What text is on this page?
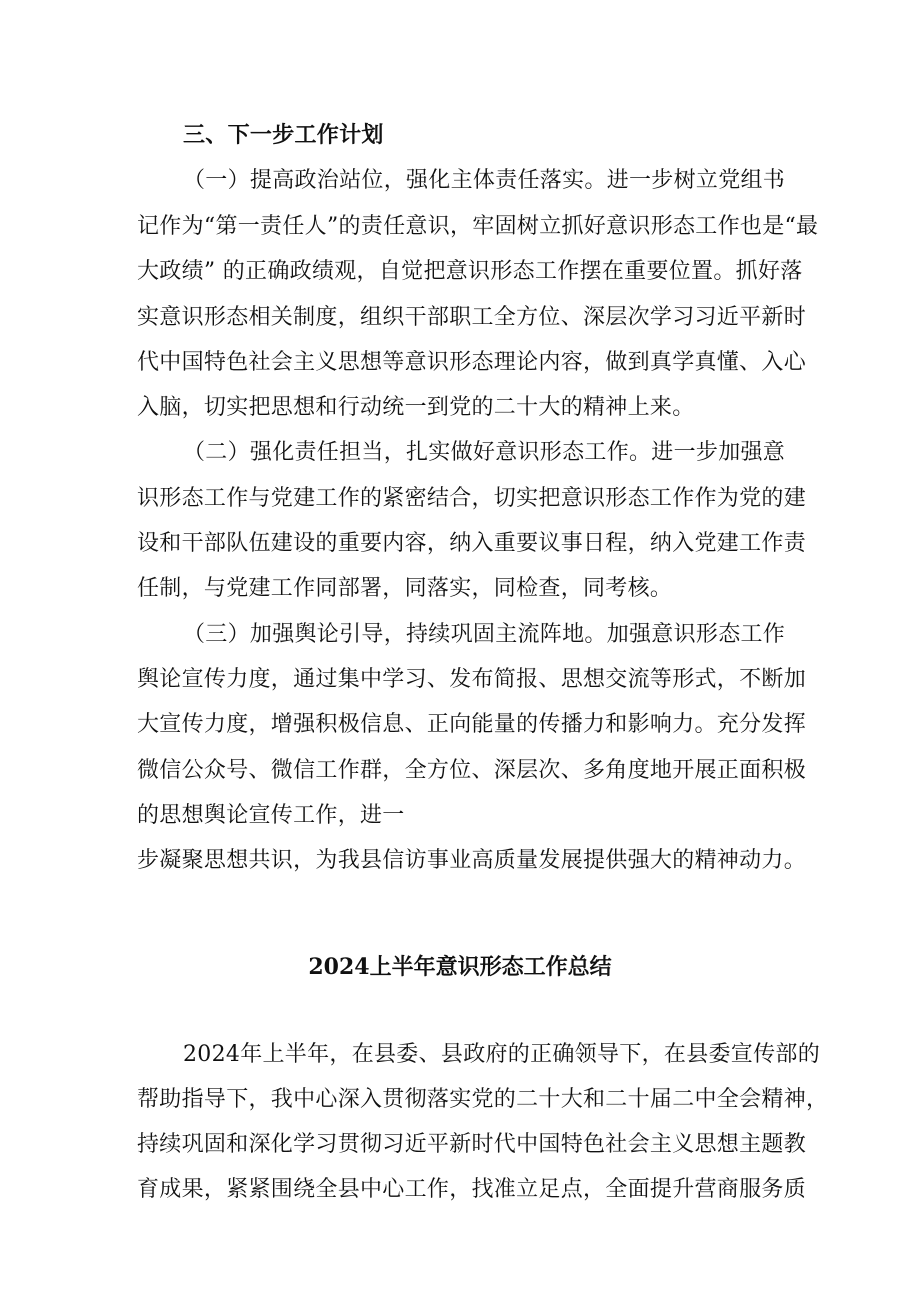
三、下一步工作计划
（一）提高政治站位，强化主体责任落实。进一步树立党组书
记作为“第一责任人”的责任意识，牢固树立抓好意识形态工作也是“最
大政绩” 的正确政绩观，自觉把意识形态工作摆在重要位置。抓好落
实意识形态相关制度，组织干部职工全方位、深层次学习习近平新时
代中国特色社会主义思想等意识形态理论内容，做到真学真懂、入心
入脑，切实把思想和行动统一到党的二十大的精神上来。
（二）强化责任担当，扎实做好意识形态工作。进一步加强意
识形态工作与党建工作的紧密结合，切实把意识形态工作作为党的建
设和干部队伍建设的重要内容，纳入重要议事日程，纳入党建工作责
任制，与党建工作同部署，同落实，同检查，同考核。
（三）加强舆论引导，持续巩固主流阵地。加强意识形态工作
舆论宣传力度，通过集中学习、发布简报、思想交流等形式，不断加
大宣传力度，增强积极信息、正向能量的传播力和影响力。充分发挥
微信公众号、微信工作群，全方位、深层次、多角度地开展正面积极
的思想舆论宣传工作，进一
步凝聚思想共识，为我县信访事业高质量发展提供强大的精神动力。
2024上半年意识形态工作总结
2024年上半年，在县委、县政府的正确领导下，在县委宣传部的
帮助指导下，我中心深入贯彻落实党的二十大和二十届二中全会精神，
持续巩固和深化学习贯彻习近平新时代中国特色社会主义思想主题教
育成果，紧紧围绕全县中心工作，找准立足点，全面提升营商服务质
